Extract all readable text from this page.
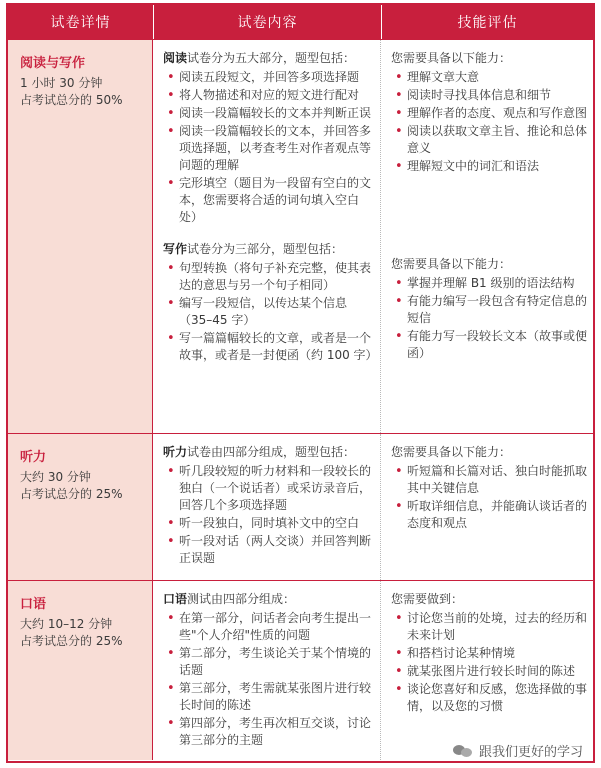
试卷详情	试卷内容	技能评估
阅读与写作
1 小时 30 分钟
占考试总分的 50%
阅读试卷分为五大部分，题型包括：
• 阅读五段短文，并回答多项选择题
• 将人物描述和对应的短文进行配对
• 阅读一段篇幅较长的文本并判断正误
• 阅读一段篇幅较长的文本，并回答多项选择题，以考查考生对作者观点等问题的理解
• 完形填空（题目为一段留有空白的文本，您需要将合适的词句填入空白处）
写作试卷分为三部分，题型包括：
• 句型转换（将句子补充完整，使其表达的意思与另一个句子相同）
• 编写一段短信，以传达某个信息（35–45 字）
• 写一篇篇幅较长的文章，或者是一个故事，或者是一封便函（约 100 字）
您需要具备以下能力：
• 理解文章大意
• 阅读时寻找具体信息和细节
• 理解作者的态度、观点和写作意图
• 阅读以获取文章主旨、推论和总体意义
• 理解短文中的词汇和语法
您需要具备以下能力：
• 掌握并理解 B1 级别的语法结构
• 有能力编写一段包含有特定信息的短信
• 有能力写一段较长文本（故事或便函）
听力
大约 30 分钟
占考试总分的 25%
听力试卷由四部分组成，题型包括：
• 听几段较短的听力材料和一段较长的独白（一个说话者）或采访录音后，回答几个多项选择题
• 听一段独白，同时填补文中的空白
• 听一段对话（两人交谈）并回答判断正误题
您需要具备以下能力：
• 听短篇和长篇对话、独白时能抓取其中关键信息
• 听取详细信息，并能确认谈话者的态度和观点
口语
大约 10–12 分钟
占考试总分的 25%
口语测试由四部分组成：
• 在第一部分，问话者会向考生提出一些"个人介绍"性质的问题
• 第二部分，考生谈论关于某个情境的话题
• 第三部分，考生需就某张图片进行较长时间的陈述
• 第四部分，考生再次相互交谈，讨论第三部分的主题
您需要做到：
• 讨论您当前的处境，过去的经历和未来计划
• 和搭档讨论某种情境
• 就某张图片进行较长时间的陈述
• 谈论您喜好和反感，您选择做的事情，以及您的习惯
跟我们更好的学习
